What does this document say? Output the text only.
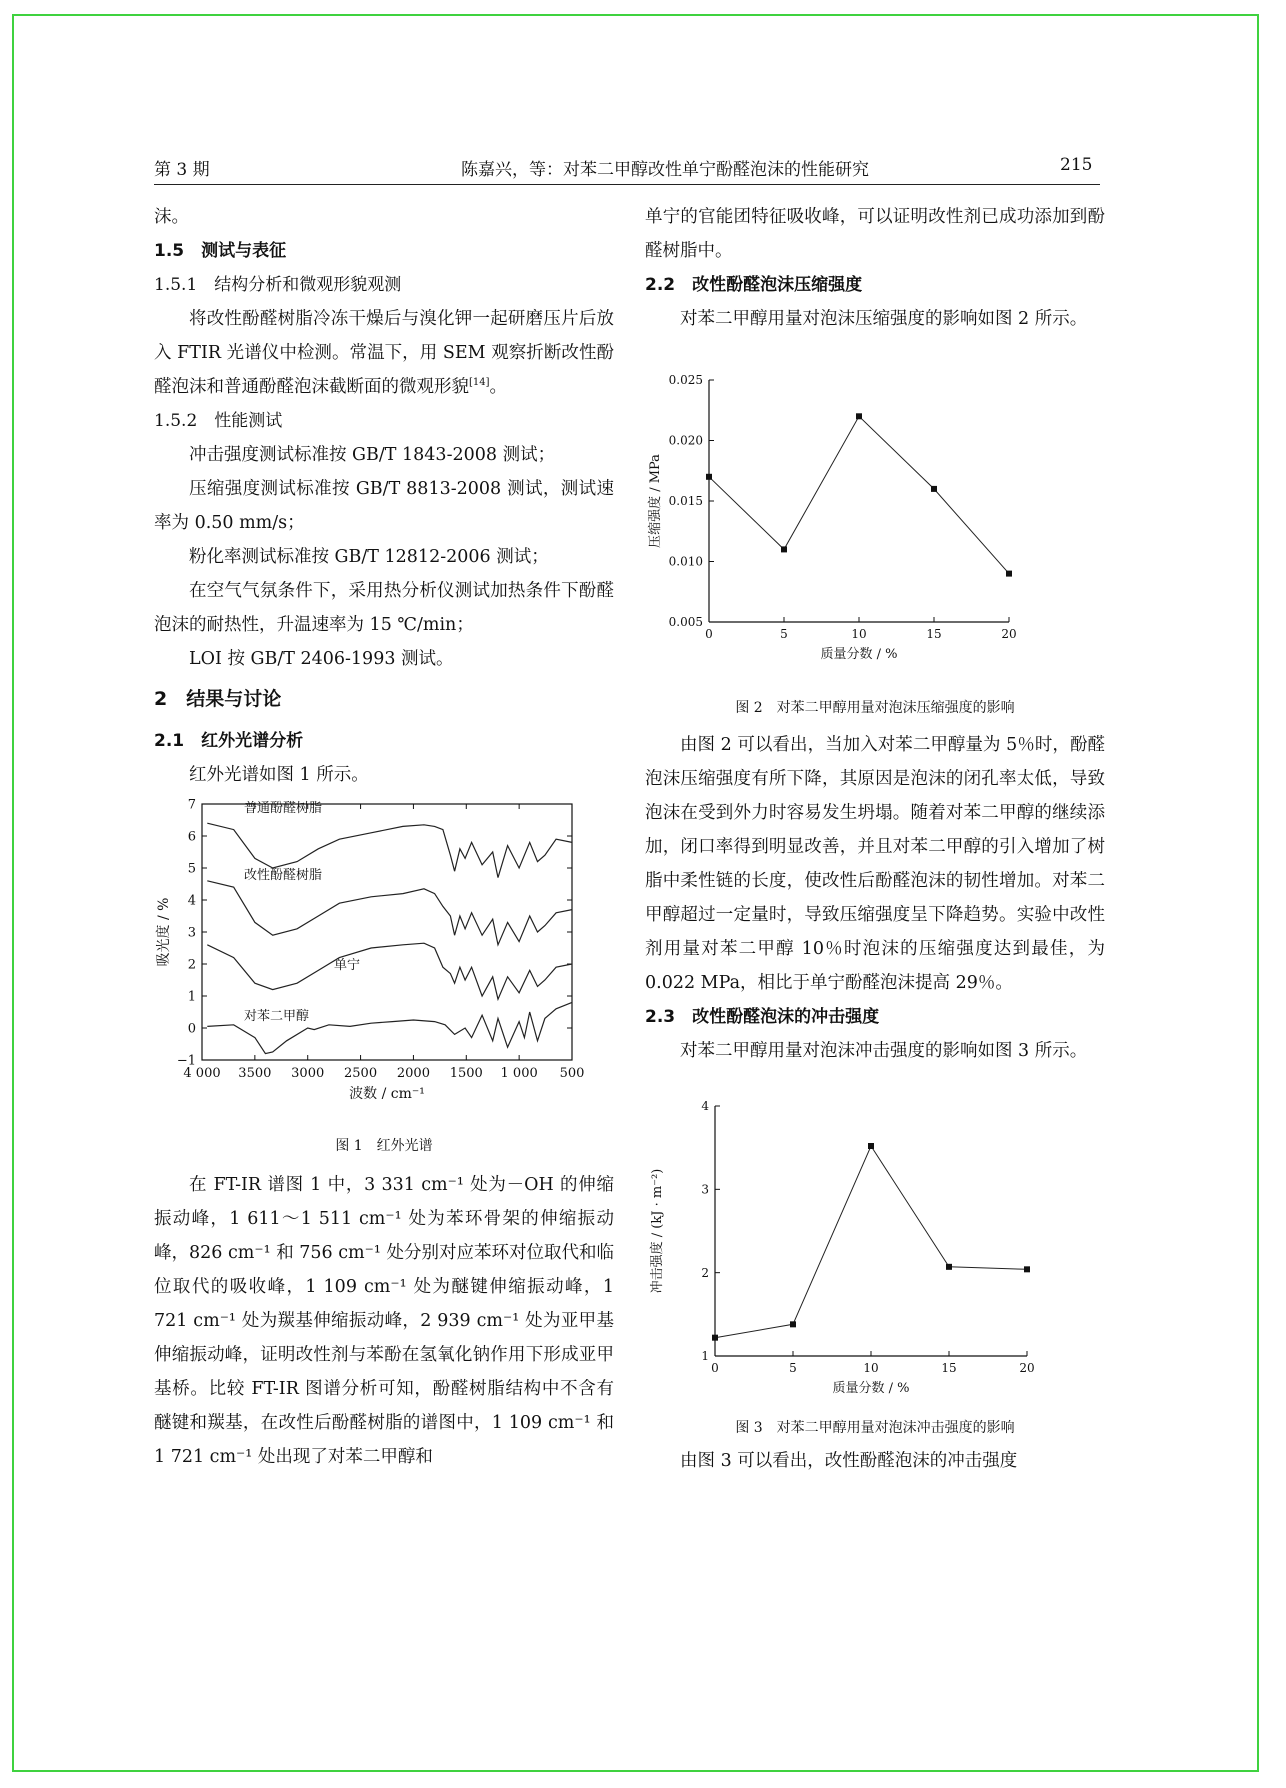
第 3 期	陈嘉兴，等：对苯二甲醇改性单宁酚醛泡沫的性能研究	215

沫。

1.5　测试与表征

1.5.1　结构分析和微观形貌观测

将改性酚醛树脂冷冻干燥后与溴化钾一起研磨压片后放入 FTIR 光谱仪中检测。常温下，用 SEM 观察折断改性酚醛泡沫和普通酚醛泡沫截断面的微观形貌[14]。

1.5.2　性能测试

冲击强度测试标准按 GB/T 1843-2008 测试；

压缩强度测试标准按 GB/T 8813-2008 测试，测试速率为 0.50 mm/s；

粉化率测试标准按 GB/T 12812-2006 测试；

在空气气氛条件下，采用热分析仪测试加热条件下酚醛泡沫的耐热性，升温速率为 15 ℃/min；

LOI 按 GB/T 2406-1993 测试。

2　结果与讨论

2.1　红外光谱分析

红外光谱如图 1 所示。

4 000 3500 3000 2500 2000 1500 1 000 500
−1
0
1
2
3
4
5
6
7
波数 / cm⁻¹
吸光度 / %
普通酚醛树脂
改性酚醛树脂
单宁
对苯二甲醇

图 1　红外光谱

在 FT-IR 谱图 1 中，3 331 cm⁻¹ 处为－OH 的伸缩振动峰，1 611～1 511 cm⁻¹ 处为苯环骨架的伸缩振动峰，826 cm⁻¹ 和 756 cm⁻¹ 处分别对应苯环对位取代和临位取代的吸收峰，1 109 cm⁻¹ 处为醚键伸缩振动峰，1 721 cm⁻¹ 处为羰基伸缩振动峰，2 939 cm⁻¹ 处为亚甲基伸缩振动峰，证明改性剂与苯酚在氢氧化钠作用下形成亚甲基桥。比较 FT-IR 图谱分析可知，酚醛树脂结构中不含有醚键和羰基，在改性后酚醛树脂的谱图中，1 109 cm⁻¹ 和 1 721 cm⁻¹ 处出现了对苯二甲醇和

单宁的官能团特征吸收峰，可以证明改性剂已成功添加到酚醛树脂中。

2.2　改性酚醛泡沫压缩强度

对苯二甲醇用量对泡沫压缩强度的影响如图 2 所示。

0	5	10	15	20
0.005
0.010
0.015
0.020
0.025
质量分数 / %
压缩强度 / MPa

图 2　对苯二甲醇用量对泡沫压缩强度的影响

由图 2 可以看出，当加入对苯二甲醇量为 5％时，酚醛泡沫压缩强度有所下降，其原因是泡沫的闭孔率太低，导致泡沫在受到外力时容易发生坍塌。随着对苯二甲醇的继续添加，闭口率得到明显改善，并且对苯二甲醇的引入增加了树脂中柔性链的长度，使改性后酚醛泡沫的韧性增加。对苯二甲醇超过一定量时，导致压缩强度呈下降趋势。实验中改性剂用量对苯二甲醇 10％时泡沫的压缩强度达到最佳，为 0.022 MPa，相比于单宁酚醛泡沫提高 29％。

2.3　改性酚醛泡沫的冲击强度

对苯二甲醇用量对泡沫冲击强度的影响如图 3 所示。

0	5	10	15	20
1
2
3
4
质量分数 / %
冲击强度 / (kJ · m⁻²)

图 3　对苯二甲醇用量对泡沫冲击强度的影响

由图 3 可以看出，改性酚醛泡沫的冲击强度
